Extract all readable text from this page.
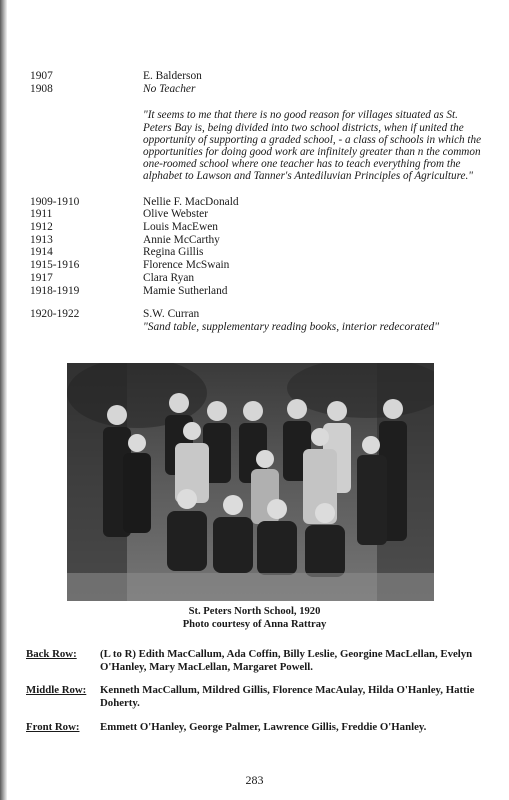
1907	E. Balderson
1908	No Teacher
"It seems to me that there is no good reason for villages situated as St. Peters Bay is, being divided into two school districts, when if united the opportunity of supporting a graded school, - a class of schools in which the opportunities for doing good work are infinitely greater than n the common one-roomed school where one teacher has to teach everything from the alphabet to Lawson and Tanner's Antediluvian Principles of Agriculture."
1909-1910	Nellie F. MacDonald
1911	Olive Webster
1912	Louis MacEwen
1913	Annie McCarthy
1914	Regina Gillis
1915-1916	Florence McSwain
1917	Clara Ryan
1918-1919	Mamie Sutherland
1920-1922	S.W. Curran
"Sand table, supplementary reading books, interior redecorated"
St. Peters North School, 1920
Photo courtesy of Anna Rattray
Back Row:	(L to R) Edith MacCallum, Ada Coffin, Billy Leslie, Georgine MacLellan, Evelyn O'Hanley, Mary MacLellan, Margaret Powell.
Middle Row:	Kenneth MacCallum, Mildred Gillis, Florence MacAulay, Hilda O'Hanley, Hattie Doherty.
Front Row:	Emmett O'Hanley, George Palmer, Lawrence Gillis, Freddie O'Hanley.
283
